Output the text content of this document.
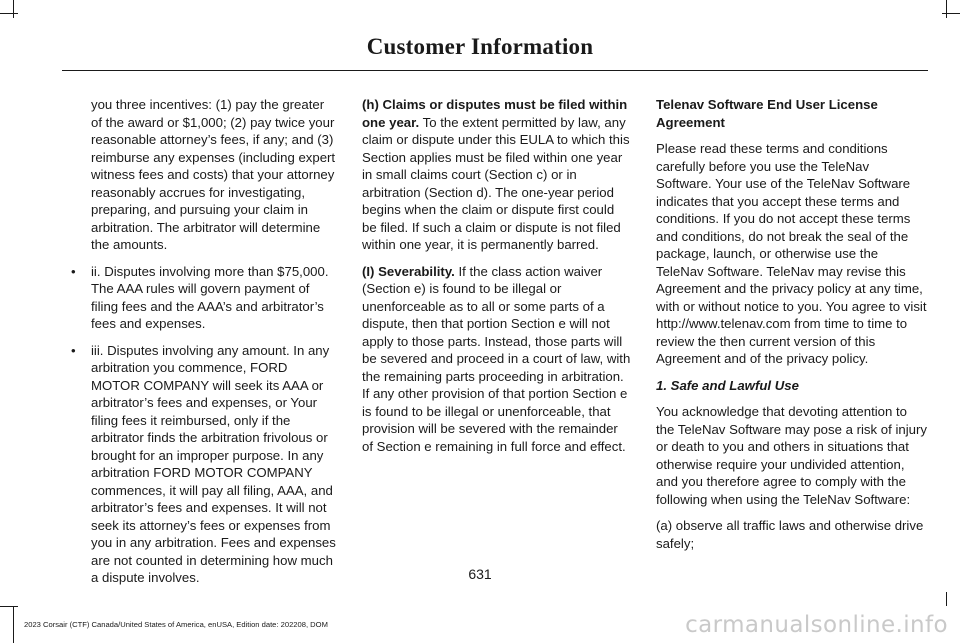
Customer Information

you three incentives: (1) pay the greater of the award or $1,000; (2) pay twice your reasonable attorney’s fees, if any; and (3) reimburse any expenses (including expert witness fees and costs) that your attorney reasonably accrues for investigating, preparing, and pursuing your claim in arbitration. The arbitrator will determine the amounts.

• ii. Disputes involving more than $75,000. The AAA rules will govern payment of filing fees and the AAA’s and arbitrator’s fees and expenses.
• iii. Disputes involving any amount. In any arbitration you commence, FORD MOTOR COMPANY will seek its AAA or arbitrator’s fees and expenses, or Your filing fees it reimbursed, only if the arbitrator finds the arbitration frivolous or brought for an improper purpose. In any arbitration FORD MOTOR COMPANY commences, it will pay all filing, AAA, and arbitrator’s fees and expenses. It will not seek its attorney’s fees or expenses from you in any arbitration. Fees and expenses are not counted in determining how much a dispute involves.

(h) Claims or disputes must be filed within one year. To the extent permitted by law, any claim or dispute under this EULA to which this Section applies must be filed within one year in small claims court (Section c) or in arbitration (Section d). The one-year period begins when the claim or dispute first could be filed. If such a claim or dispute is not filed within one year, it is permanently barred.

(I) Severability. If the class action waiver (Section e) is found to be illegal or unenforceable as to all or some parts of a dispute, then that portion Section e will not apply to those parts. Instead, those parts will be severed and proceed in a court of law, with the remaining parts proceeding in arbitration. If any other provision of that portion Section e is found to be illegal or unenforceable, that provision will be severed with the remainder of Section e remaining in full force and effect.

Telenav Software End User License Agreement

Please read these terms and conditions carefully before you use the TeleNav Software. Your use of the TeleNav Software indicates that you accept these terms and conditions. If you do not accept these terms and conditions, do not break the seal of the package, launch, or otherwise use the TeleNav Software. TeleNav may revise this Agreement and the privacy policy at any time, with or without notice to you. You agree to visit http://www.telenav.com from time to time to review the then current version of this Agreement and of the privacy policy.

1. Safe and Lawful Use

You acknowledge that devoting attention to the TeleNav Software may pose a risk of injury or death to you and others in situations that otherwise require your undivided attention, and you therefore agree to comply with the following when using the TeleNav Software:

(a) observe all traffic laws and otherwise drive safely;

631
2023 Corsair (CTF) Canada/United States of America, enUSA, Edition date: 202208, DOM	carmanualsonline.info
